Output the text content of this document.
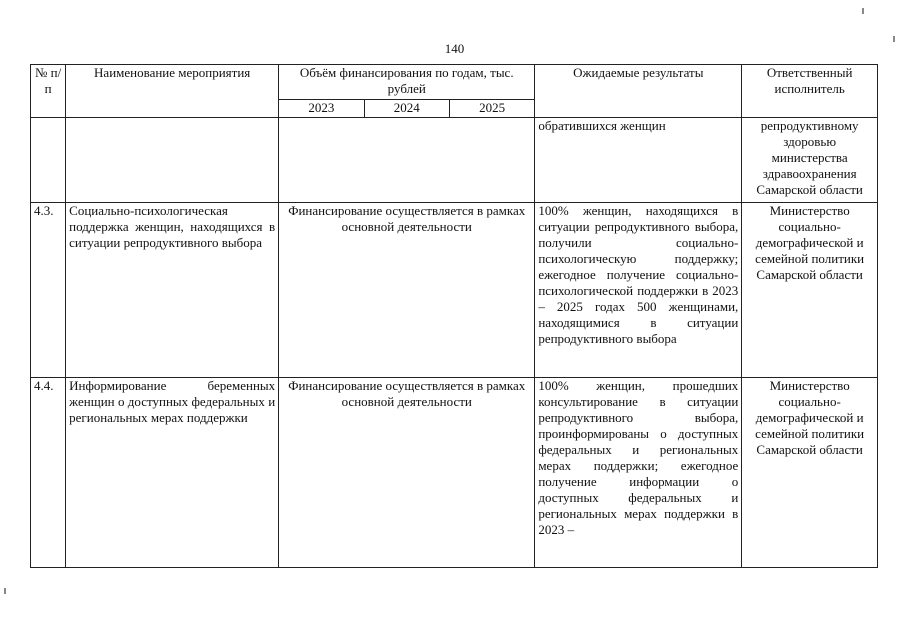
140
№ п/п	Наименование мероприятия	Объём финансирования по годам, тыс. рублей			Ожидаемые результаты	Ответственный исполнитель
		2023	2024	2025		
					обратившихся женщин	репродуктивному здоровью министерства здравоохранения Самарской области
4.3.	Социально-психологическая поддержка женщин, находящихся в ситуации репродуктивного выбора	Финансирование осуществляется в рамках основной деятельности			100% женщин, находящихся в ситуации репродуктивного выбора, получили социально-психологическую поддержку; ежегодное получение социально-психологической поддержки в 2023 – 2025 годах 500 женщинами, находящимися в ситуации репродуктивного выбора	Министерство социально-демографической и семейной политики Самарской области
4.4.	Информирование беременных женщин о доступных федеральных и региональных мерах поддержки	Финансирование осуществляется в рамках основной деятельности			100% женщин, прошедших консультирование в ситуации репродуктивного выбора, проинформированы о доступных федеральных и региональных мерах поддержки; ежегодное получение информации о доступных федеральных и региональных мерах поддержки в 2023 –	Министерство социально-демографической и семейной политики Самарской области
